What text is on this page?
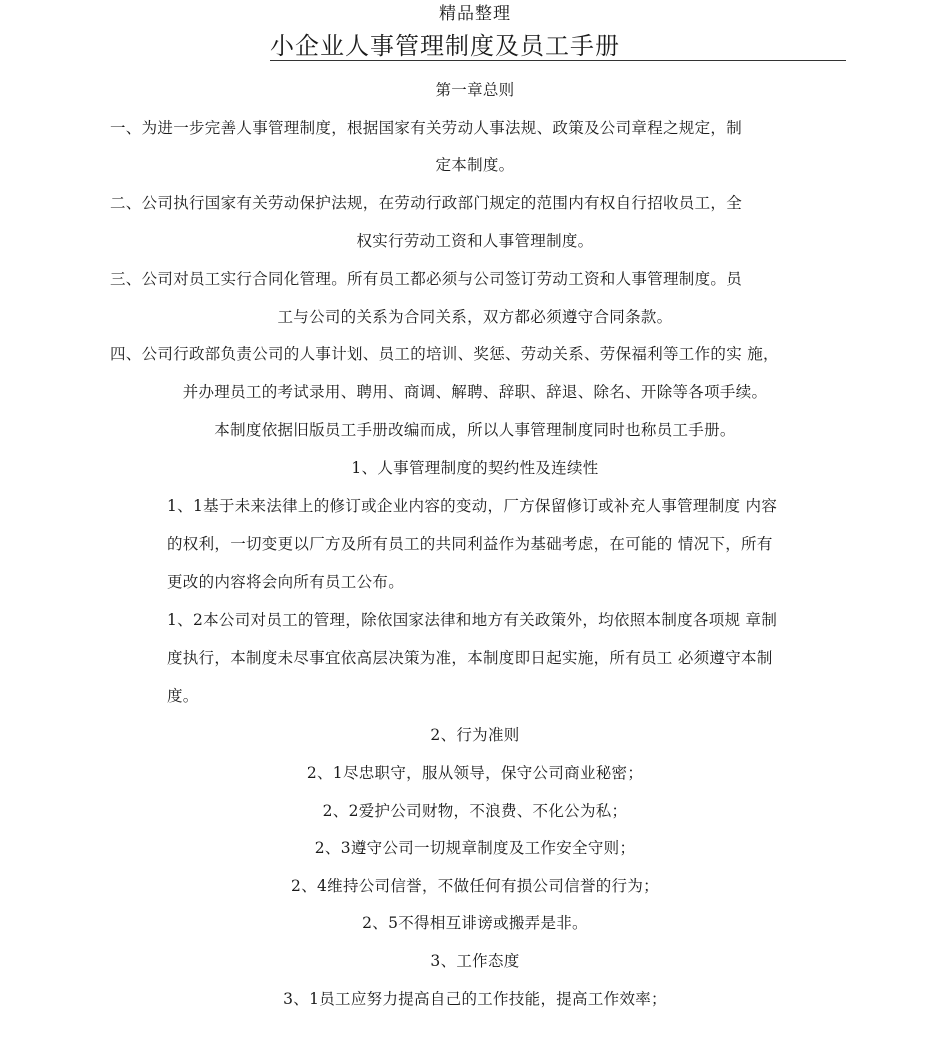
精品整理
小企业人事管理制度及员工手册
第一章总则
一、为进一步完善人事管理制度，根据国家有关劳动人事法规、政策及公司章程之规定，制
定本制度。
二、公司执行国家有关劳动保护法规，在劳动行政部门规定的范围内有权自行招收员工，全
权实行劳动工资和人事管理制度。
三、公司对员工实行合同化管理。所有员工都必须与公司签订劳动工资和人事管理制度。员
工与公司的关系为合同关系，双方都必须遵守合同条款。
四、公司行政部负责公司的人事计划、员工的培训、奖惩、劳动关系、劳保福利等工作的实 施，
并办理员工的考试录用、聘用、商调、解聘、辞职、辞退、除名、开除等各项手续。
本制度依据旧版员工手册改编而成，所以人事管理制度同时也称员工手册。
1、人事管理制度的契约性及连续性
1、1基于未来法律上的修订或企业内容的变动，厂方保留修订或补充人事管理制度 内容
的权利，一切变更以厂方及所有员工的共同利益作为基础考虑，在可能的 情况下，所有
更改的内容将会向所有员工公布。
1、2本公司对员工的管理，除依国家法律和地方有关政策外，均依照本制度各项规 章制
度执行，本制度未尽事宜依高层决策为准，本制度即日起实施，所有员工 必须遵守本制
度。
2、行为准则
2、1尽忠职守，服从领导，保守公司商业秘密；
2、2爱护公司财物，不浪费、不化公为私；
2、3遵守公司一切规章制度及工作安全守则；
2、4维持公司信誉，不做任何有损公司信誉的行为；
2、5不得相互诽谤或搬弄是非。
3、工作态度
3、1员工应努力提高自己的工作技能，提高工作效率；
